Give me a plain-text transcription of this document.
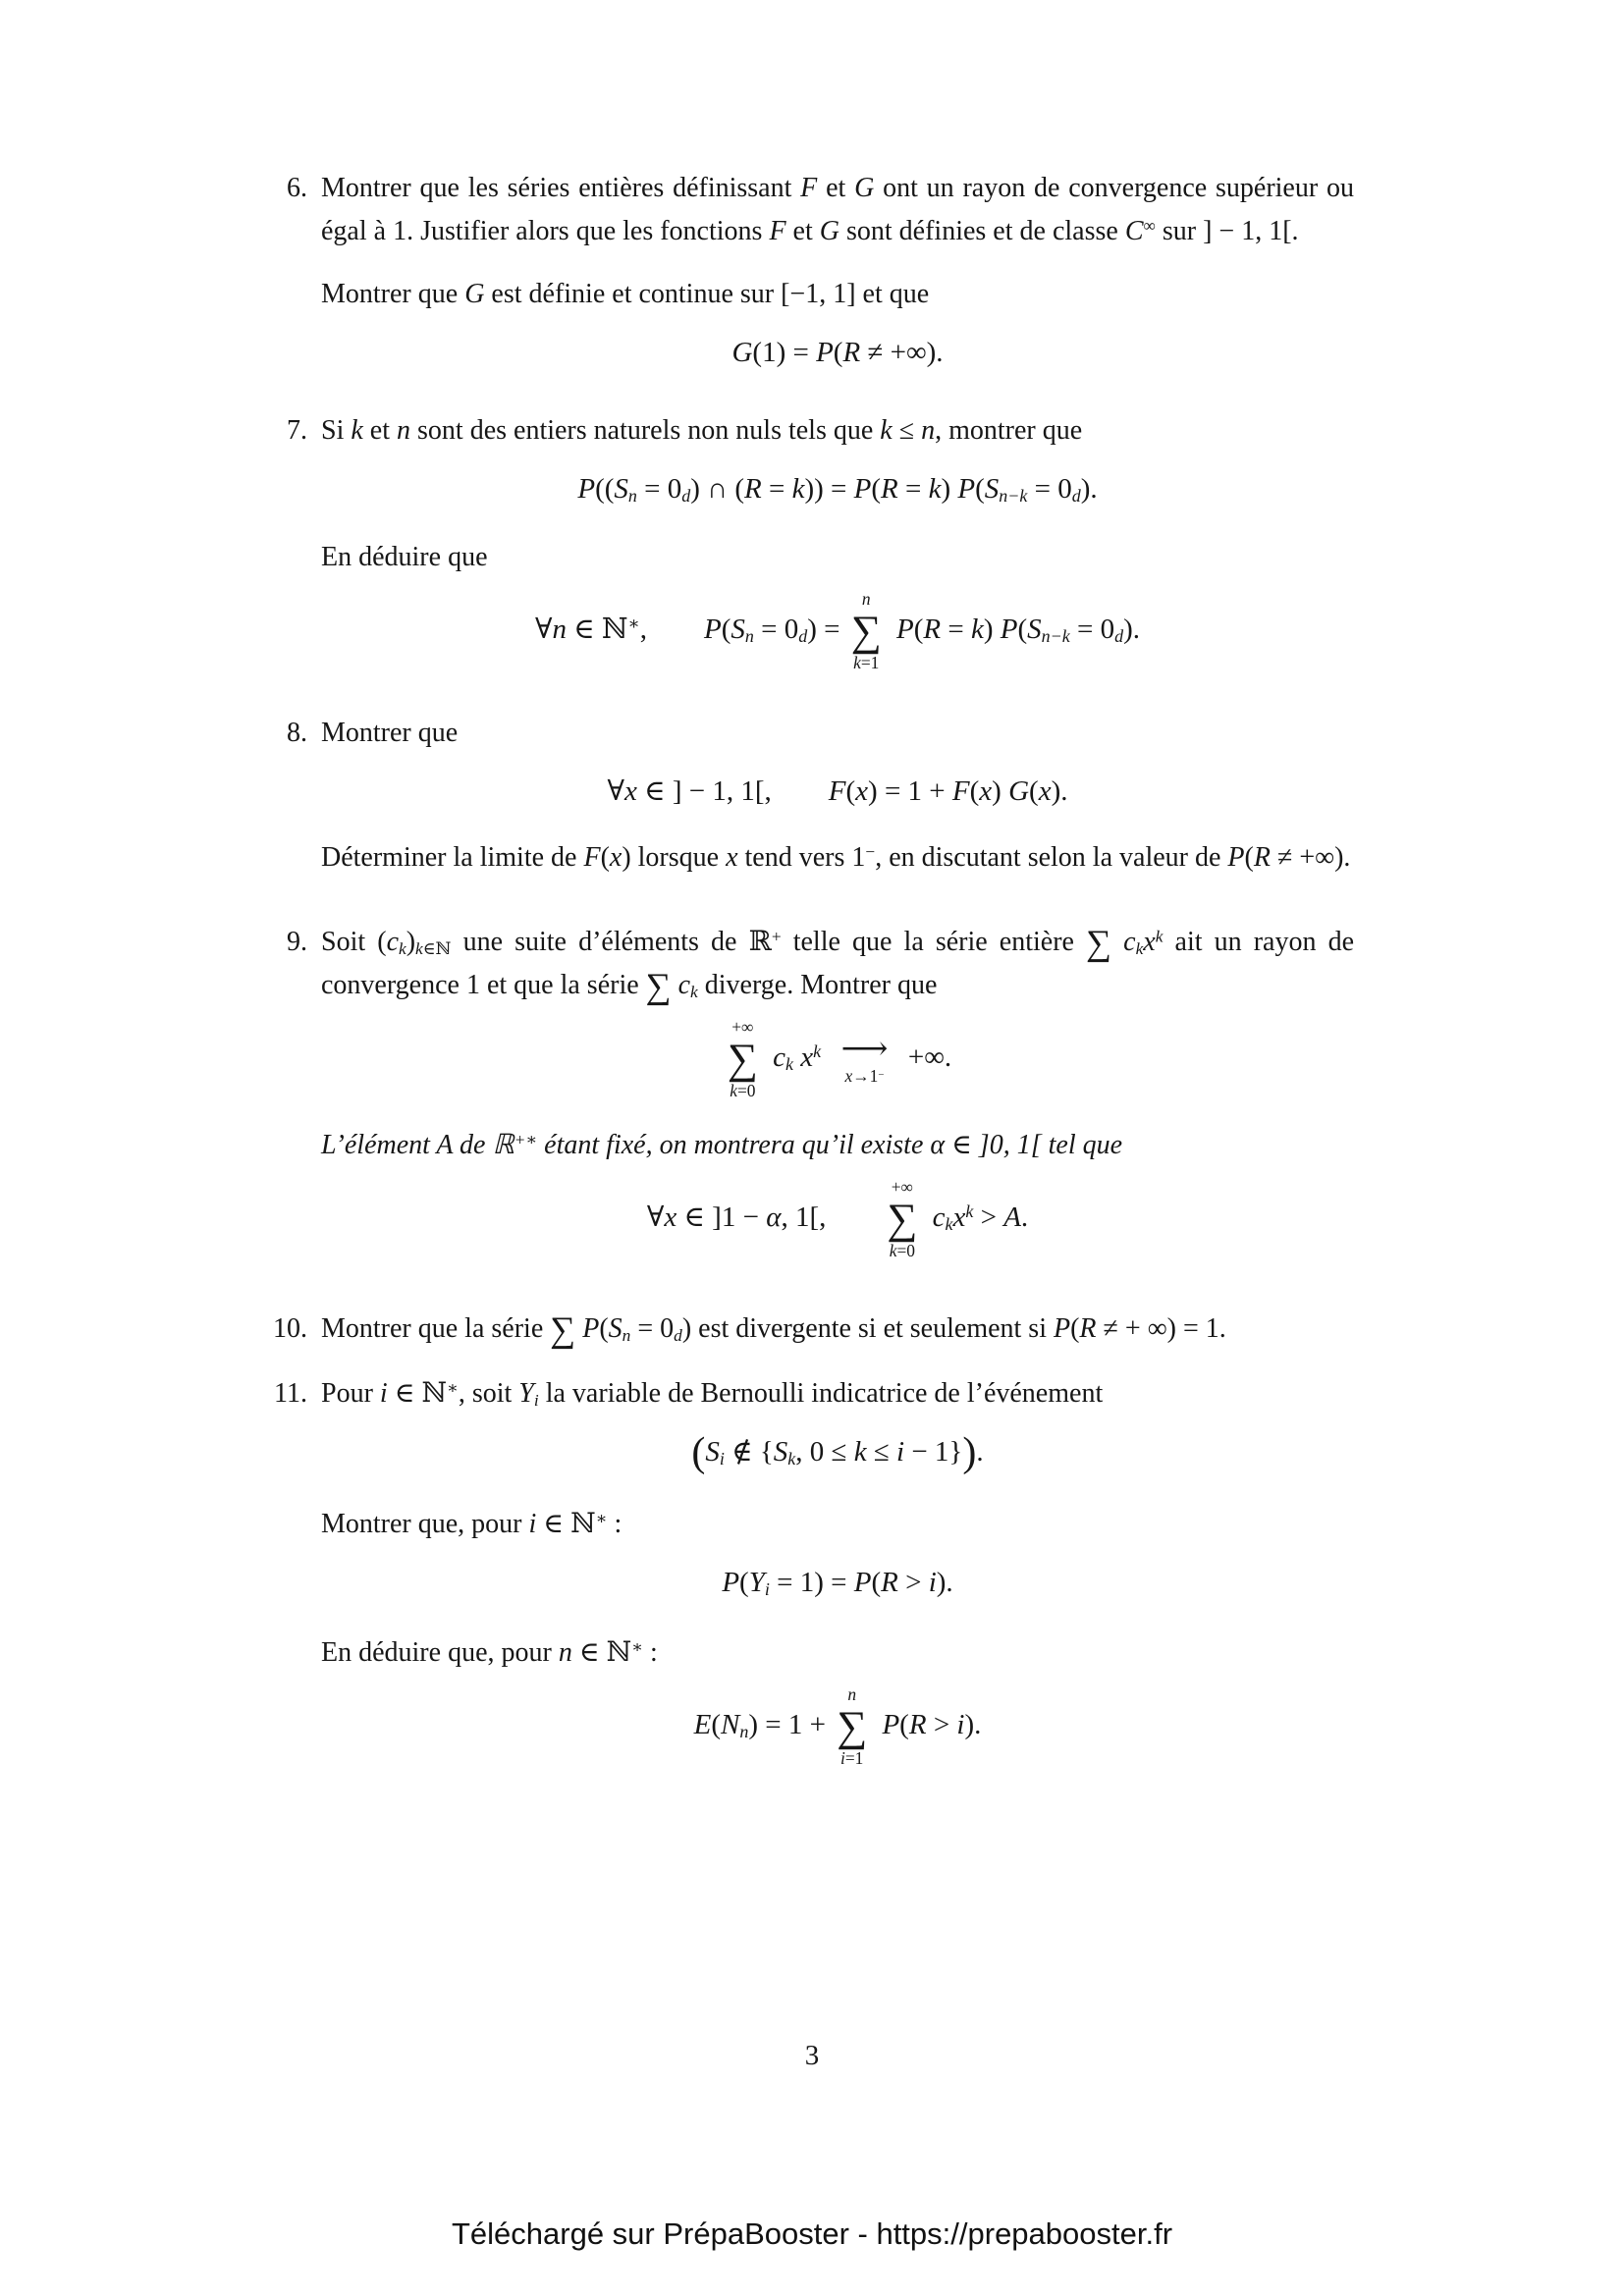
6. Montrer que les séries entières définissant F et G ont un rayon de convergence supérieur ou égal à 1. Justifier alors que les fonctions F et G sont définies et de classe C∞ sur ] − 1, 1[.
Montrer que G est définie et continue sur [−1, 1] et que
G(1) = P(R ≠ +∞).
7. Si k et n sont des entiers naturels non nuls tels que k ≤ n, montrer que
$P((S_n = 0_d)$ ∩ (R = k)) = P(R = k) $P(S_{n-k} = 0_d)$.
En déduire que
∀n ∈ ℕ∗,  $P(S_n = 0_d)$ =
n
∑
k=1
P(R = k) $P(S_{n-k} = 0_d)$.
8. Montrer que
∀x ∈ ] − 1, 1[,  F(x) = 1 + F(x) G(x).
Déterminer la limite de F(x) lorsque x tend vers 1−, en discutant selon la valeur de P(R ≠ +∞).
9. Soit $(c_k)_{k\in ℕ}$ une suite d’éléments de ℝ+ telle que la série entière ∑ $c_kx^k$ ait un rayon de convergence 1 et que la série ∑ $c_k$ diverge. Montrer que
+∞
∑
k=0
$c_k$ $x^k$  ⟶
x→1−
 +∞.
L’élément A de ℝ+∗ étant fixé, on montrera qu’il existe α ∈ ]0, 1[ tel que
∀x ∈ ]1 − α, 1[,  
+∞
∑
k=0
$c_kx^k > A$.
10. Montrer que la série ∑ $P(S_n = 0_d)$ est divergente si et seulement si P(R ≠ + ∞) = 1.
11. Pour i ∈ ℕ∗, soit $Y_i$ la variable de Bernoulli indicatrice de l’événement
($S_i$ ∉ {$S_k$, 0 ≤ k ≤ i − 1}).
Montrer que, pour i ∈ ℕ∗ :
$P(Y_i = 1) = P(R > i)$.
En déduire que, pour n ∈ ℕ∗ :
$E(N_n) = 1$ +
n
∑
i=1
P(R > i).
3
Téléchargé sur PrépaBooster - https://prepabooster.fr
